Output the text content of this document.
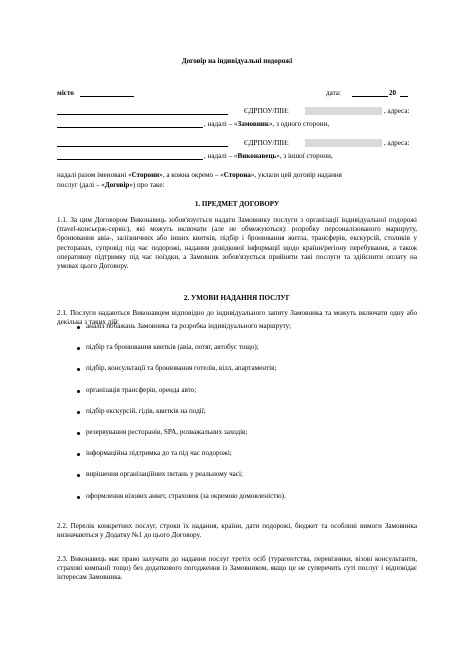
Договір на індивідуальні подорожі
місто	дата:	20
ЄДРПОУ/ПІН:	, адреса:
, надалі – «Замовник», з одного сторони,
ЄДРПОУ/ПІН:	, адреса:
, надалі – «Виконавець», з іншої сторони,
надалі разом іменовані «Сторони», а кожна окремо – «Сторона», уклали цей договір надання
послуг (далі – «Договір») про таке:
1. ПРЕДМЕТ ДОГОВОРУ
1.1. За цим Договором Виконавець зобов'язується надати Замовнику послуги з організації індивідуальної подорожі (travel-консьєрж-сервіс), які можуть включати (але не обмежуються): розробку персоналізованого маршруту, бронювання авіа-, залізничних або інших квитків, підбір і бронювання житла, трансферів, екскурсій, столиків у ресторанах, супровід під час подорожі, надання довідкової інформації щодо країни/регіону перебування, а також оперативну підтримку під час поїздки, а Замовник зобов'язується прийняти такі послуги та здійснити оплату на умовах цього Договору.
2. УМОВИ НАДАННЯ ПОСЛУГ
2.1. Послуги надаються Виконавцем відповідно до індивідуального запиту Замовника та можуть включати одну або декілька з таких дій:
аналіз побажань Замовника та розробка індивідуального маршруту;
підбір та бронювання квитків (авіа, потяг, автобус тощо);
підбір, консультації та бронювання готелів, вілл, апартаментів;
організація трансферів, оренда авто;
підбір екскурсій, гідів, квитків на події;
резервування ресторанів, SPA, розважальних заходів;
інформаційна підтримка до та під час подорожі;
вирішення організаційних питань у реальному часі;
оформлення візових анкет, страховок (за окремою домовленістю).
2.2. Перелік конкретних послуг, строки їх надання, країни, дати подорожі, бюджет та особливі вимоги Замовника визначаються у Додатку №1 до цього Договору.
2.3. Виконавець має право залучати до надання послуг третіх осіб (турагентства, перевізники, візові консультанти, страхові компанії тощо) без додаткового погодження із Замовником, якщо це не суперечить суті послуг і відповідає інтересам Замовника.
